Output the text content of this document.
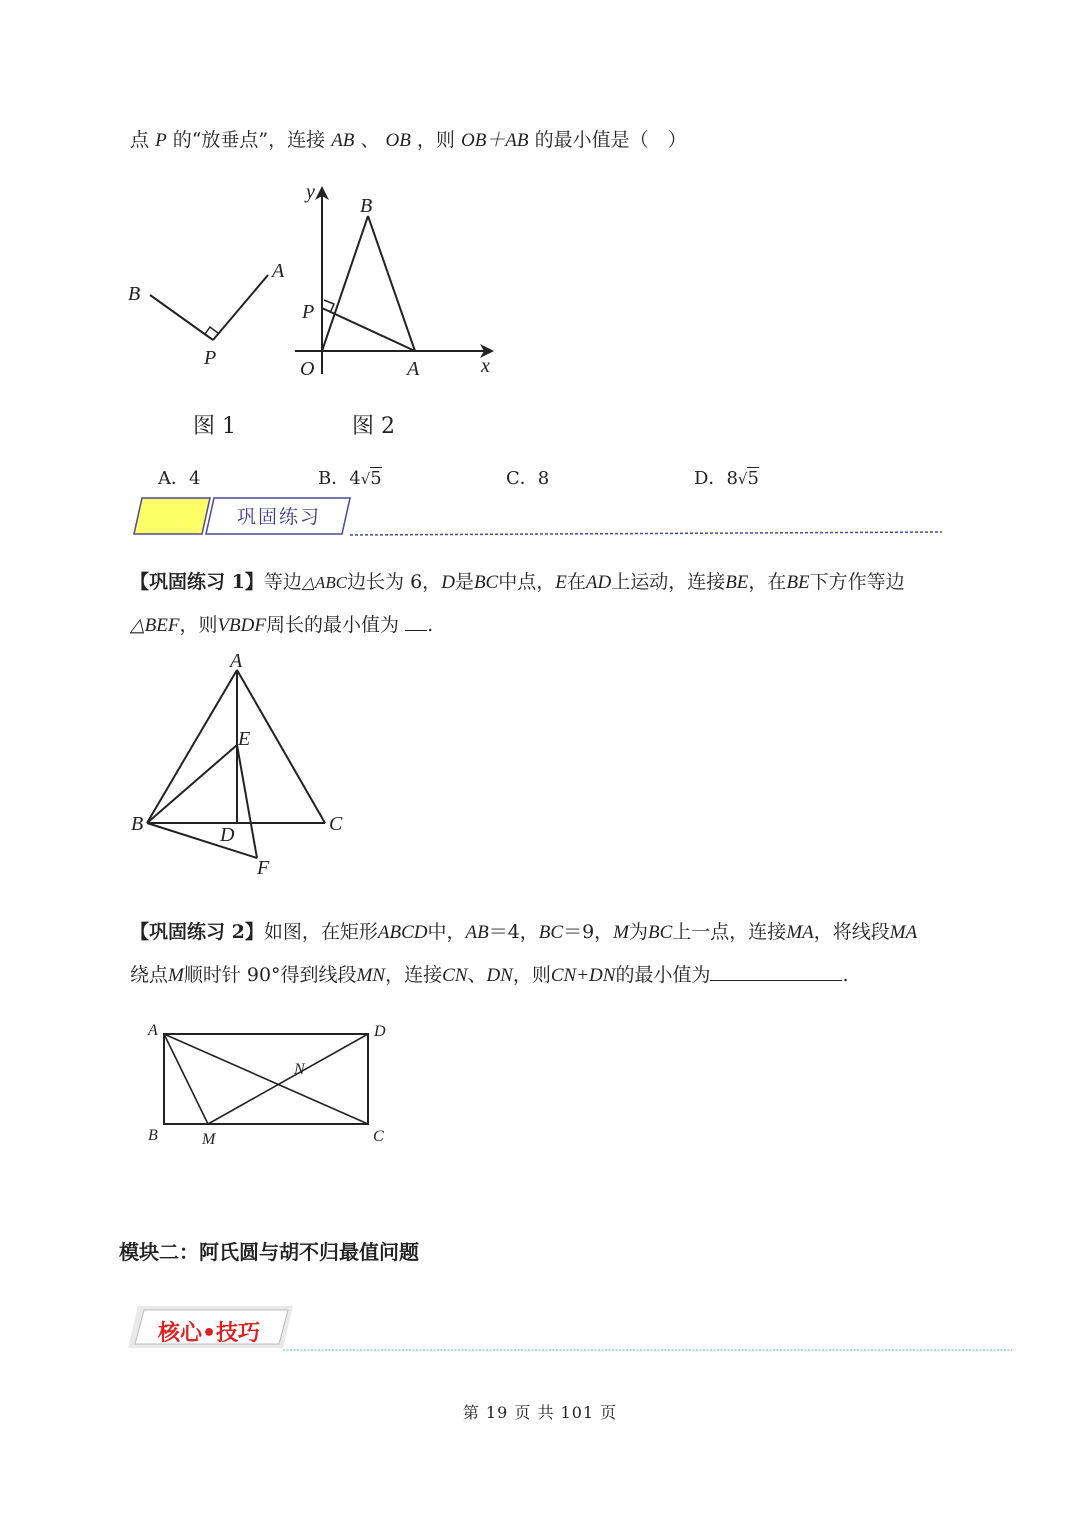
点 P 的“放垂点”，连接 AB 、 OB ，则 OB＋AB 的最小值是（　）
B
A
P
图 1
y
B
P
O	A	x
图 2
A．4	B．4√5	C．8	D．8√5
巩固练习
【巩固练习 1】等边△ABC边长为 6，D是BC中点，E在AD上运动，连接BE，在BE下方作等边
△BEF，则VBDF周长的最小值为 .
A
E
B	C
D
F
【巩固练习 2】如图，在矩形ABCD中，AB＝4，BC＝9，M为BC上一点，连接MA，将线段MA
绕点M顺时针 90°得到线段MN，连接CN、DN，则CN+DN的最小值为	.
A	D
N
B	M	C
模块二：阿氏圆与胡不归最值问题
核心•技巧
第 19 页 共 101 页
